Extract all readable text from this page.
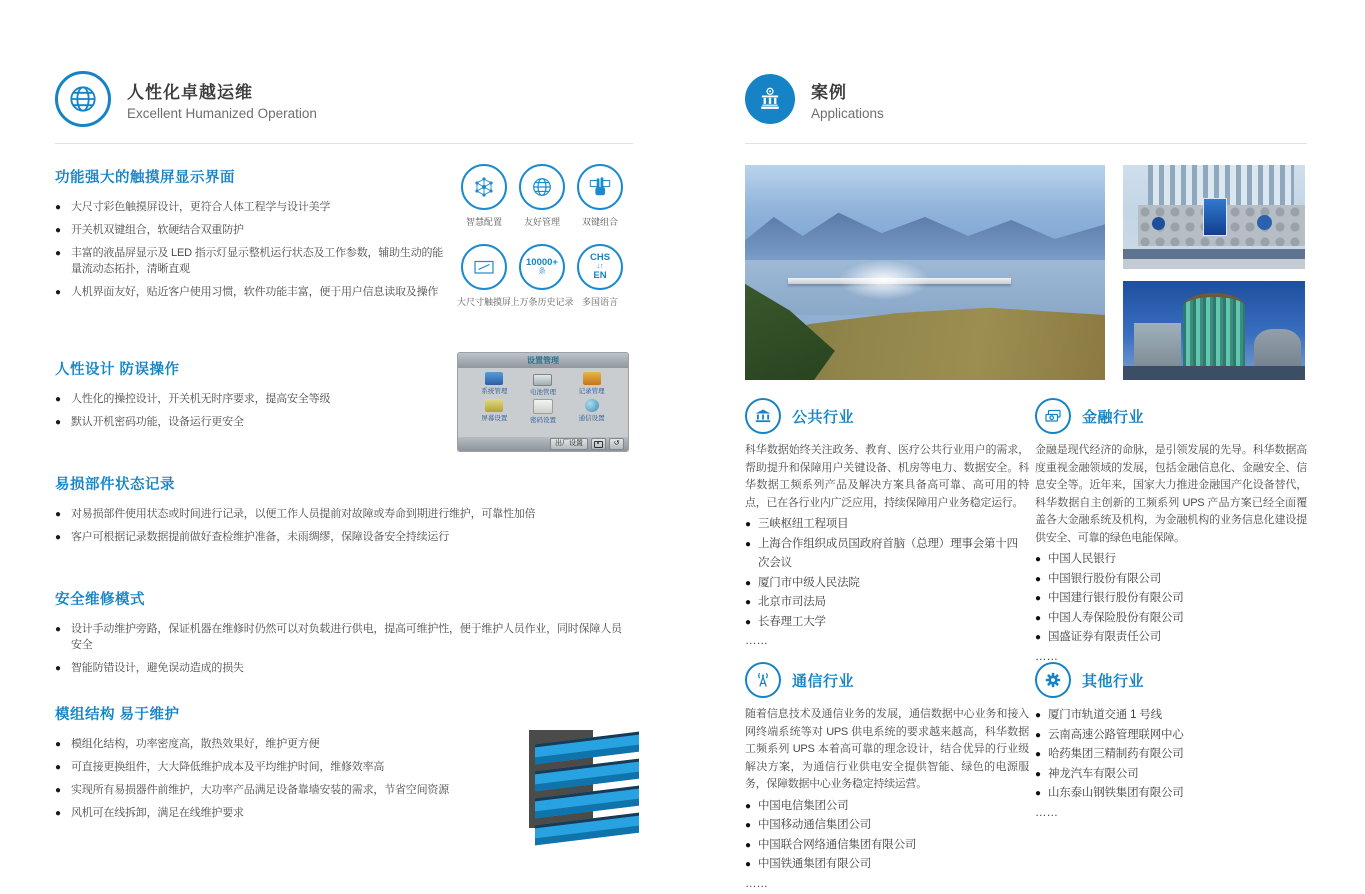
人性化卓越运维
Excellent Humanized Operation
功能强大的触摸屏显示界面
● 大尺寸彩色触摸屏设计，更符合人体工程学与设计美学
● 开关机双键组合，软硬结合双重防护
● 丰富的液晶屏显示及 LED 指示灯显示整机运行状态及工作参数，辅助生动的能量流动态拓扑，清晰直观
● 人机界面友好，贴近客户使用习惯，软件功能丰富，便于用户信息读取及操作
人性设计 防误操作
● 人性化的操控设计，开关机无时序要求，提高安全等级
● 默认开机密码功能，设备运行更安全
易损部件状态记录
● 对易损部件使用状态或时间进行记录，以便工作人员提前对故障或寿命到期进行维护，可靠性加倍
● 客户可根据记录数据提前做好查检维护准备，未雨绸缪，保障设备安全持续运行
安全维修模式
● 设计手动维护旁路，保证机器在维修时仍然可以对负载进行供电，提高可维护性，便于维护人员作业，同时保障人员安全
● 智能防错设计，避免误动造成的损失
模组结构 易于维护
● 模组化结构，功率密度高，散热效果好，维护更方便
● 可直接更换组件，大大降低维护成本及平均维护时间，维修效率高
● 实现所有易损器件前维护，大功率产品满足设备靠墙安装的需求，节省空间资源
● 风机可在线拆卸，满足在线维护要求
智慧配置 友好管理 双键组合
大尺寸触摸屏
10000+
条
上万条历史记录
CHS
↓↑
EN
多国语言
设置管理
系统管理	电池管理	记录管理
屏幕设置	密码设置	通信设置
出厂设置	↺
案例
Applications
公共行业

科华数据始终关注政务、教育、医疗公共行业用户的需求，帮助提升和保障用户关键设备、机房等电力、数据安全。科华数据工频系列产品及解决方案具备高可靠、高可用的特点，已在各行业内广泛应用，持续保障用户业务稳定运行。

● 三峡枢纽工程项目
● 上海合作组织成员国政府首脑（总理）理事会第十四次会议
● 厦门市中级人民法院
● 北京市司法局
● 长春理工大学
……
金融行业

金融是现代经济的命脉，是引领发展的先导。科华数据高度重视金融领域的发展，包括金融信息化、金融安全、信息安全等。近年来，国家大力推进金融国产化设备替代，科华数据自主创新的工频系列 UPS 产品方案已经全面覆盖各大金融系统及机构，为金融机构的业务信息化建设提供安全、可靠的绿色电能保障。

● 中国人民银行
● 中国银行股份有限公司
● 中国建行银行股份有限公司
● 中国人寿保险股份有限公司
● 国盛证券有限责任公司
……
通信行业

随着信息技术及通信业务的发展，通信数据中心业务和接入网终端系统等对 UPS 供电系统的要求越来越高，科华数据工频系列 UPS 本着高可靠的理念设计，结合优异的行业级解决方案，为通信行业供电安全提供智能、绿色的电源服务，保障数据中心业务稳定持续运营。

● 中国电信集团公司
● 中国移动通信集团公司
● 中国联合网络通信集团有限公司
● 中国铁通集团有限公司
……
其他行业
● 厦门市轨道交通 1 号线
● 云南高速公路管理联网中心
● 哈药集团三精制药有限公司
● 神龙汽车有限公司
● 山东泰山钢铁集团有限公司
……
